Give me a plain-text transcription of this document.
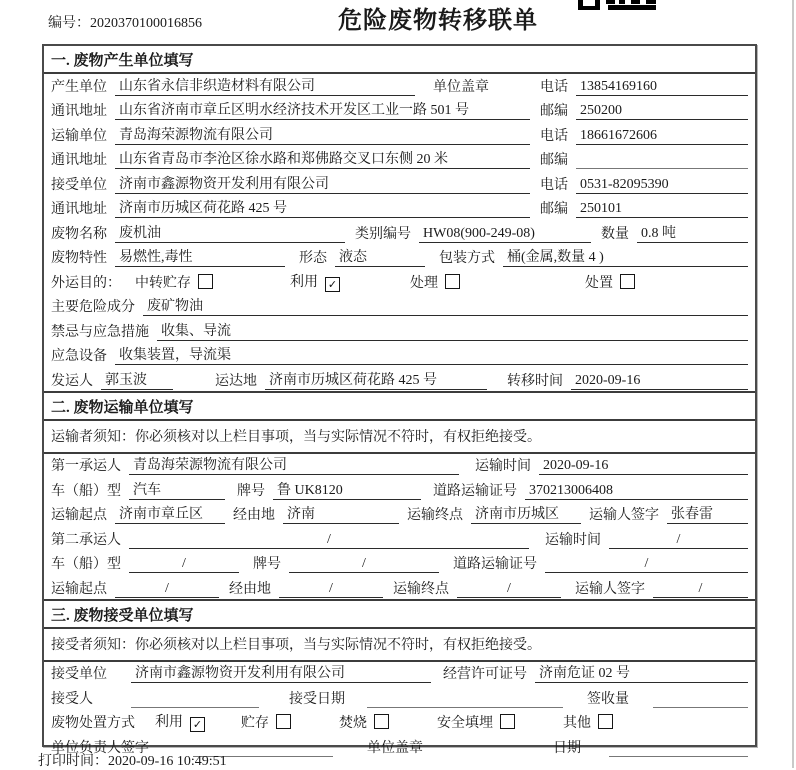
编号：2020370100016856	危险废物转移联单
一. 废物产生单位填写
产生单位 山东省永信非织造材料有限公司	单位盖章	电话 13854169160
通讯地址 山东省济南市章丘区明水经济技术开发区工业一路 501 号	邮编 250200
运输单位 青岛海荣源物流有限公司	电话 18661672606
通讯地址 山东省青岛市李沧区徐水路和郑佛路交叉口东侧 20 米	邮编
接受单位 济南市鑫源物资开发利用有限公司	电话 0531-82095390
通讯地址 济南市历城区荷花路 425 号	邮编 250101
废物名称 废机油	类别编号 HW08(900-249-08)	数量 0.8 吨
废物特性 易燃性,毒性	形态 液态	包装方式 桶(金属,数量 4 )
外运目的： 中转贮存	利用 ✓	处理	处置
主要危险成分 废矿物油
禁忌与应急措施 收集、导流
应急设备 收集装置，导流渠
发运人 郭玉波	运达地 济南市历城区荷花路 425 号	转移时间 2020-09-16
二. 废物运输单位填写
运输者须知：你必须核对以上栏目事项，当与实际情况不符时，有权拒绝接受。
第一承运人 青岛海荣源物流有限公司	运输时间 2020-09-16
车（船）型 汽车	牌号 鲁 UK8120	道路运输证号 370213006408
运输起点 济南市章丘区	经由地 济南	运输终点 济南市历城区	运输人签字 张春雷
第二承运人	/	运输时间	/
车（船）型	/	牌号	/	道路运输证号	/
运输起点	/	经由地	/	运输终点	/	运输人签字	/
三. 废物接受单位填写
接受者须知：你必须核对以上栏目事项，当与实际情况不符时，有权拒绝接受。
接受单位 济南市鑫源物资开发利用有限公司	经营许可证号 济南危证 02 号
接受人	接受日期	签收量
废物处置方式 利用 ✓	贮存	焚烧	安全填埋	其他
单位负责人签字	单位盖章	日期
打印时间：2020-09-16 10:49:51
